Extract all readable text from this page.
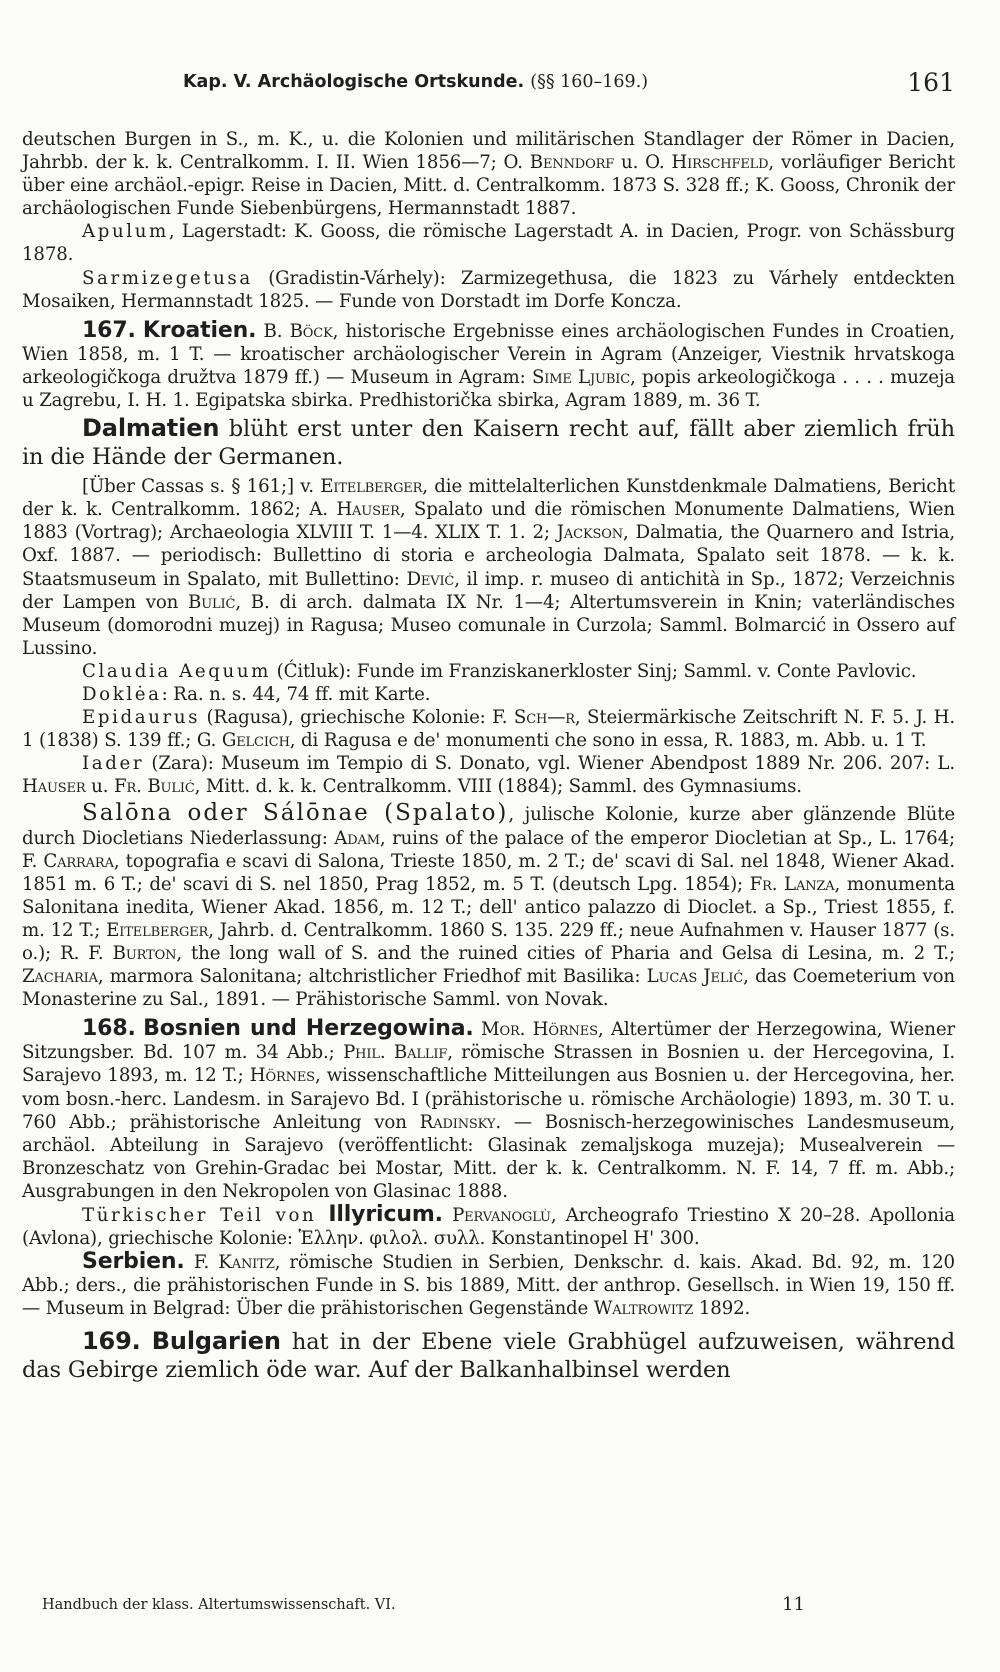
Kap. V. Archäologische Ortskunde. (§§ 160–169.)	161

deutschen Burgen in S., m. K., u. die Kolonien und militärischen Standlager der Römer in Dacien, Jahrbb. der k. k. Centralkomm. I. II. Wien 1856—7; O. Benndorf u. O. Hirschfeld, vorläufiger Bericht über eine archäol.-epigr. Reise in Dacien, Mitt. d. Centralkomm. 1873 S. 328 ff.; K. Gooss, Chronik der archäologischen Funde Siebenbürgens, Hermannstadt 1887.

Apulum, Lagerstadt: K. Gooss, die römische Lagerstadt A. in Dacien, Progr. von Schässburg 1878.

Sarmizegetusa (Gradistin-Várhely): Zarmizegethusa, die 1823 zu Várhely entdeckten Mosaiken, Hermannstadt 1825. — Funde von Dorstadt im Dorfe Koncza.

167. Kroatien. B. Böck, historische Ergebnisse eines archäologischen Fundes in Croatien, Wien 1858, m. 1 T. — kroatischer archäologischer Verein in Agram (Anzeiger, Viestnik hrvatskoga arkeologičkoga družtva 1879 ff.) — Museum in Agram: Sime Ljubic, popis arkeologičkoga . . . . muzeja u Zagrebu, I. H. 1. Egipatska sbirka. Predhistorička sbirka, Agram 1889, m. 36 T.

Dalmatien blüht erst unter den Kaisern recht auf, fällt aber ziemlich früh in die Hände der Germanen.

[Über Cassas s. § 161;] v. Eitelberger, die mittelalterlichen Kunstdenkmale Dalmatiens, Bericht der k. k. Centralkomm. 1862; A. Hauser, Spalato und die römischen Monumente Dalmatiens, Wien 1883 (Vortrag); Archaeologia XLVIII T. 1—4. XLIX T. 1. 2; Jackson, Dalmatia, the Quarnero and Istria, Oxf. 1887. — periodisch: Bullettino di storia e archeologia Dalmata, Spalato seit 1878. — k. k. Staatsmuseum in Spalato, mit Bullettino: Dević, il imp. r. museo di antichità in Sp., 1872; Verzeichnis der Lampen von Bulić, B. di arch. dalmata IX Nr. 1—4; Altertumsverein in Knin; vaterländisches Museum (domorodni muzej) in Ragusa; Museo comunale in Curzola; Samml. Bolmarcić in Ossero auf Lussino.

Claudia Aequum (Ćitluk): Funde im Franziskanerkloster Sinj; Samml. v. Conte Pavlovic.

Doklėa: Ra. n. s. 44, 74 ff. mit Karte.

Epidaurus (Ragusa), griechische Kolonie: F. Sch—r, Steiermärkische Zeitschrift N. F. 5. J. H. 1 (1838) S. 139 ff.; G. Gelcich, di Ragusa e de' monumenti che sono in essa, R. 1883, m. Abb. u. 1 T.

Iader (Zara): Museum im Tempio di S. Donato, vgl. Wiener Abendpost 1889 Nr. 206. 207: L. Hauser u. Fr. Bulić, Mitt. d. k. k. Centralkomm. VIII (1884); Samml. des Gymnasiums.

Salōna oder Sálōnae (Spalato), julische Kolonie, kurze aber glänzende Blüte durch Diocletians Niederlassung: Adam, ruins of the palace of the emperor Diocletian at Sp., L. 1764; F. Carrara, topografia e scavi di Salona, Trieste 1850, m. 2 T.; de' scavi di Sal. nel 1848, Wiener Akad. 1851 m. 6 T.; de' scavi di S. nel 1850, Prag 1852, m. 5 T. (deutsch Lpg. 1854); Fr. Lanza, monumenta Salonitana inedita, Wiener Akad. 1856, m. 12 T.; dell' antico palazzo di Dioclet. a Sp., Triest 1855, f. m. 12 T.; Eitelberger, Jahrb. d. Centralkomm. 1860 S. 135. 229 ff.; neue Aufnahmen v. Hauser 1877 (s. o.); R. F. Burton, the long wall of S. and the ruined cities of Pharia and Gelsa di Lesina, m. 2 T.; Zacharia, marmora Salonitana; altchristlicher Friedhof mit Basilika: Lucas Jelić, das Coemeterium von Monasterine zu Sal., 1891. — Prähistorische Samml. von Novak.

168. Bosnien und Herzegowina. Mor. Hörnes, Altertümer der Herzegowina, Wiener Sitzungsber. Bd. 107 m. 34 Abb.; Phil. Ballif, römische Strassen in Bosnien u. der Hercegovina, I. Sarajevo 1893, m. 12 T.; Hörnes, wissenschaftliche Mitteilungen aus Bosnien u. der Hercegovina, her. vom bosn.-herc. Landesm. in Sarajevo Bd. I (prähistorische u. römische Archäologie) 1893, m. 30 T. u. 760 Abb.; prähistorische Anleitung von Radinsky. — Bosnisch-herzegowinisches Landesmuseum, archäol. Abteilung in Sarajevo (veröffentlicht: Glasinak zemaljskoga muzeja); Musealverein — Bronzeschatz von Grehin-Gradac bei Mostar, Mitt. der k. k. Centralkomm. N. F. 14, 7 ff. m. Abb.; Ausgrabungen in den Nekropolen von Glasinac 1888.

Türkischer Teil von Illyricum. Pervanoglù, Archeografo Triestino X 20–28. Apollonia (Avlona), griechische Kolonie: Ἑλλην. φιλολ. συλλ. Konstantinopel H' 300.

Serbien. F. Kanitz, römische Studien in Serbien, Denkschr. d. kais. Akad. Bd. 92, m. 120 Abb.; ders., die prähistorischen Funde in S. bis 1889, Mitt. der anthrop. Gesellsch. in Wien 19, 150 ff. — Museum in Belgrad: Über die prähistorischen Gegenstände Waltrowitz 1892.

169. Bulgarien hat in der Ebene viele Grabhügel aufzuweisen, während das Gebirge ziemlich öde war. Auf der Balkanhalbinsel werden

Handbuch der klass. Altertumswissenschaft. VI.	11
